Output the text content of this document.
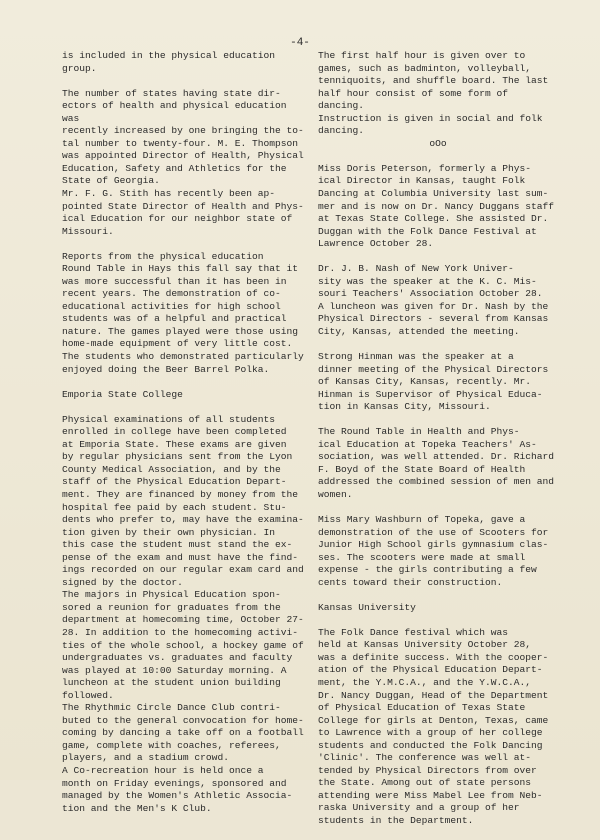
-4-

is included in the physical education
group.

The number of states having state dir-
ectors of health and physical education was
recently increased by one bringing the to-
tal number to twenty-four. M. E. Thompson
was appointed Director of Health, Physical
Education, Safety and Athletics for the
State of Georgia.

Mr. F. G. Stith has recently been ap-
pointed State Director of Health and Phys-
ical Education for our neighbor state of
Missouri.

Reports from the physical education
Round Table in Hays this fall say that it
was more successful than it has been in
recent years. The demonstration of co-
educational activities for high school
students was of a helpful and practical
nature. The games played were those using
home-made equipment of very little cost.
The students who demonstrated particularly
enjoyed doing the Beer Barrel Polka.

Emporia State College

Physical examinations of all students
enrolled in college have been completed
at Emporia State. These exams are given
by regular physicians sent from the Lyon
County Medical Association, and by the
staff of the Physical Education Depart-
ment. They are financed by money from the
hospital fee paid by each student. Stu-
dents who prefer to, may have the examina-
tion given by their own physician. In
this case the student must stand the ex-
pense of the exam and must have the find-
ings recorded on our regular exam card and
signed by the doctor.

The majors in Physical Education spon-
sored a reunion for graduates from the
department at homecoming time, October 27-
28. In addition to the homecoming activi-
ties of the whole school, a hockey game of
undergraduates vs. graduates and faculty
was played at 10:00 Saturday morning. A
luncheon at the student union building
followed.

The Rhythmic Circle Dance Club contri-
buted to the general convocation for home-
coming by dancing a take off on a football
game, complete with coaches, referees,
players, and a stadium crowd.

A Co-recreation hour is held once a
month on Friday evenings, sponsored and
managed by the Women's Athletic Associa-
tion and the Men's K Club.

The first half hour is given over to
games, such as badminton, volleyball,
tenniquoits, and shuffle board. The last
half hour consist of some form of dancing.
Instruction is given in social and folk
dancing.

oOo

Miss Doris Peterson, formerly a Phys-
ical Director in Kansas, taught Folk
Dancing at Columbia University last sum-
mer and is now on Dr. Nancy Duggans staff
at Texas State College. She assisted Dr.
Duggan with the Folk Dance Festival at
Lawrence October 28.

Dr. J. B. Nash of New York Univer-
sity was the speaker at the K. C. Mis-
souri Teachers' Association October 28.
A luncheon was given for Dr. Nash by the
Physical Directors - several from Kansas
City, Kansas, attended the meeting.

Strong Hinman was the speaker at a
dinner meeting of the Physical Directors
of Kansas City, Kansas, recently. Mr.
Hinman is Supervisor of Physical Educa-
tion in Kansas City, Missouri.

The Round Table in Health and Phys-
ical Education at Topeka Teachers' As-
sociation, was well attended. Dr. Richard
F. Boyd of the State Board of Health
addressed the combined session of men and
women.

Miss Mary Washburn of Topeka, gave a
demonstration of the use of Scooters for
Junior High School girls gymnasium clas-
ses. The scooters were made at small
expense - the girls contributing a few
cents toward their construction.

Kansas University

The Folk Dance festival which was
held at Kansas University October 28,
was a definite success. With the cooper-
ation of the Physical Education Depart-
ment, the Y.M.C.A., and the Y.W.C.A.,
Dr. Nancy Duggan, Head of the Department
of Physical Education of Texas State
College for girls at Denton, Texas, came
to Lawrence with a group of her college
students and conducted the Folk Dancing
'Clinic'. The conference was well at-
tended by Physical Directors from over
the State. Among out of state persons
attending were Miss Mabel Lee from Neb-
raska University and a group of her
students in the Department.
